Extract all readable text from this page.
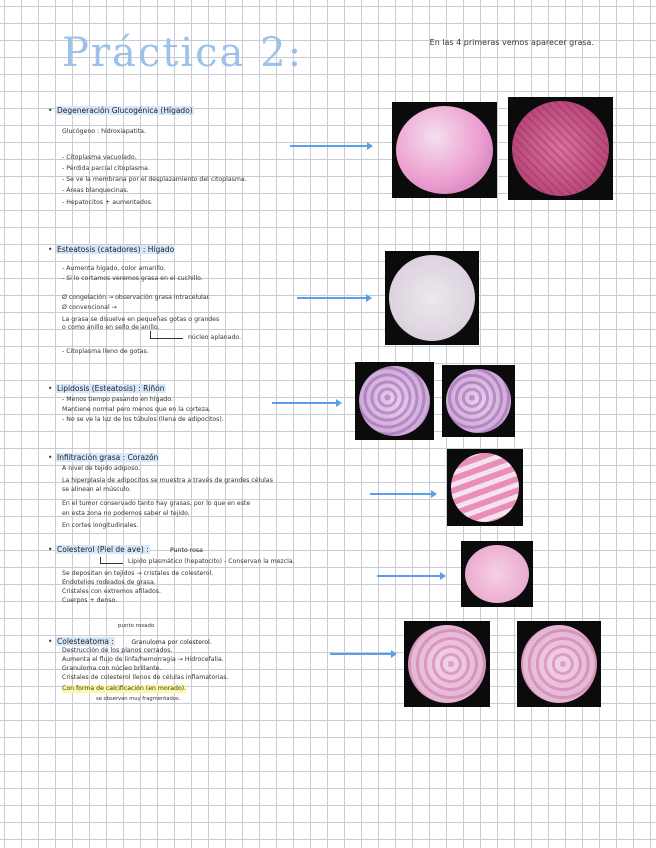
Práctica 2:	En las 4 primeras vemos aparecer grasa.
• Degeneración Glucogénica (Hígado)
Glucógeno : hidroxiapatita.
- Citoplasma vacuolado.
- Pérdida parcial citoplasma.
- Se ve la membrana por el desplazamiento del citoplasma.
- Áreas blanquecinas.
- Hepatocitos + aumentados.
• Esteatosis (catadores) : Hígado
- Aumenta hígado, color amarillo.
- Si lo cortamos veremos grasa en el cuchillo.
Ø congelación → observación grasa intracelular.
Ø convencional →
La grasa se disuelve en pequeñas gotas o grandes
o como anillo en sello de anillo.
núcleo aplanado.
- Citoplasma lleno de gotas.
• Lipidosis (Esteatosis) : Riñón
- Menos tiempo pasando en hígado.
Mantiene normal pero menos que en la corteza.
- No se ve la luz de los túbulos (llena de adipocitos).
• Infiltración grasa : Corazón
A nivel de tejido adiposo.
La hiperplasia de adipocitos se muestra a través de grandes células
se alinean al músculo.
En el tumor conservado tanto hay grasas, por lo que en este
en esta zona no podemos saber el tejido.
En cortes longitudinales.
• Colesterol (Piel de ave) :	Punto rosa
Lípido plasmático (hepatocito) - Conservan la mezcla.
Se depositan en tejidos → cristales de colesterol.
Endotelios rodeados de grasa.
Cristales con extremos afilados.
Cuerpos + denso.
punto rosado
• Colesteatoma :	Granuloma por colesterol.
Destrucción de los planos cerrados.
Aumenta el flujo de linfa/hemorragia → Hidrocefalia.
Granuloma con núcleo brillante.
Cristales de colesterol llenos de células inflamatorias.
Con forma de calcificación (en morado).
se observan muy fragmentados.
